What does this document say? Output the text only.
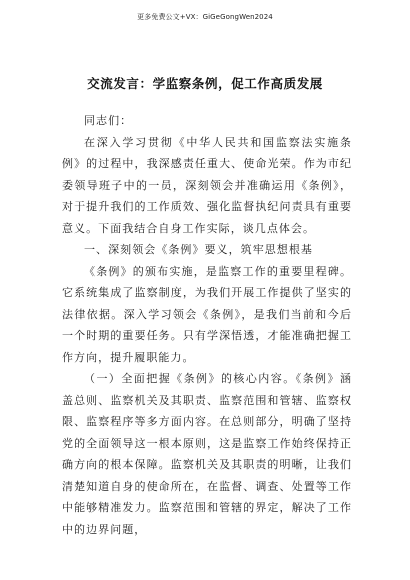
更多免费公文+VX：GiGeGongWen2024
交流发言：学监察条例，促工作高质发展

同志们：

在深入学习贯彻《中华人民共和国监察法实施条例》的过程中，我深感责任重大、使命光荣。作为市纪委领导班子中的一员，深刻领会并准确运用《条例》，对于提升我们的工作质效、强化监督执纪问责具有重要意义。下面我结合自身工作实际，谈几点体会。

一、深刻领会《条例》要义，筑牢思想根基

《条例》的颁布实施，是监察工作的重要里程碑。它系统集成了监察制度，为我们开展工作提供了坚实的法律依据。深入学习领会《条例》，是我们当前和今后一个时期的重要任务。只有学深悟透，才能准确把握工作方向，提升履职能力。

（一）全面把握《条例》的核心内容。《条例》涵盖总则、监察机关及其职责、监察范围和管辖、监察权限、监察程序等多方面内容。在总则部分，明确了坚持党的全面领导这一根本原则，这是监察工作始终保持正确方向的根本保障。监察机关及其职责的明晰，让我们清楚知道自身的使命所在，在监督、调查、处置等工作中能够精准发力。监察范围和管辖的界定，解决了工作中的边界问题，
